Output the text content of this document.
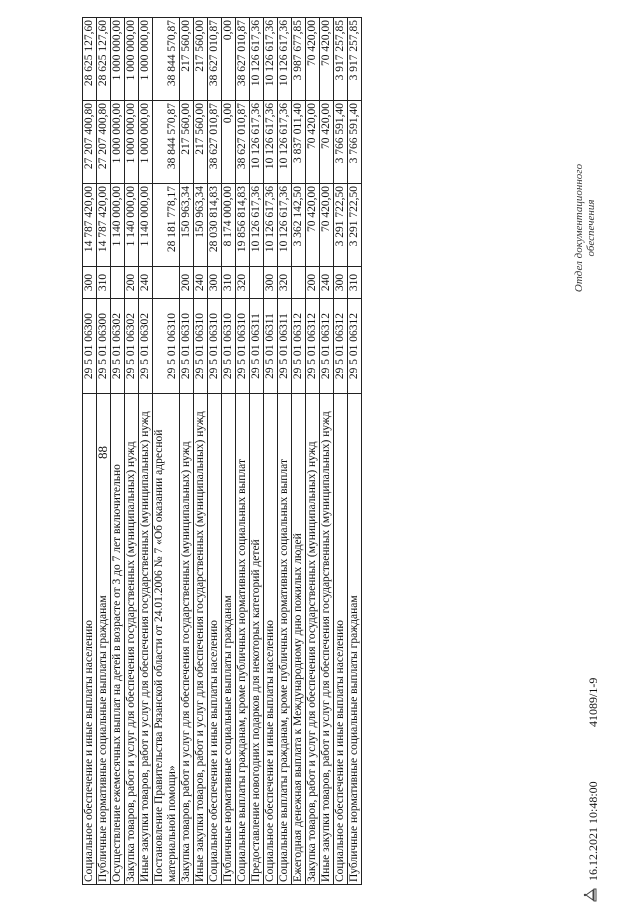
88
Социальное обеспечение и иные выплаты населению	29 5 01 06300	300	14 787 420,00	27 207 400,80	28 625 127,60
Публичные нормативные социальные выплаты гражданам	29 5 01 06300	310	14 787 420,00	27 207 400,80	28 625 127,60
Осуществление ежемесячных выплат на детей в возрасте от 3 до 7 лет включительно	29 5 01 06302		1 140 000,00	1 000 000,00	1 000 000,00
Закупка товаров, работ и услуг для обеспечения государственных (муниципальных) нужд	29 5 01 06302	200	1 140 000,00	1 000 000,00	1 000 000,00
Иные закупки товаров, работ и услуг для обеспечения государственных (муниципальных) нужд	29 5 01 06302	240	1 140 000,00	1 000 000,00	1 000 000,00
Постановление Правительства Рязанской области от 24.01.2006 № 7 «Об оказании адресной материальной помощи»	29 5 01 06310		28 181 778,17	38 844 570,87	38 844 570,87
Закупка товаров, работ и услуг для обеспечения государственных (муниципальных) нужд	29 5 01 06310	200	150 963,34	217 560,00	217 560,00
Иные закупки товаров, работ и услуг для обеспечения государственных (муниципальных) нужд	29 5 01 06310	240	150 963,34	217 560,00	217 560,00
Социальное обеспечение и иные выплаты населению	29 5 01 06310	300	28 030 814,83	38 627 010,87	38 627 010,87
Публичные нормативные социальные выплаты гражданам	29 5 01 06310	310	8 174 000,00	0,00	0,00
Социальные выплаты гражданам, кроме публичных нормативных социальных выплат	29 5 01 06310	320	19 856 814,83	38 627 010,87	38 627 010,87
Предоставление новогодних подарков для некоторых категорий детей	29 5 01 06311		10 126 617,36	10 126 617,36	10 126 617,36
Социальное обеспечение и иные выплаты населению	29 5 01 06311	300	10 126 617,36	10 126 617,36	10 126 617,36
Социальные выплаты гражданам, кроме публичных нормативных социальных выплат	29 5 01 06311	320	10 126 617,36	10 126 617,36	10 126 617,36
Ежегодная денежная выплата к Международному дню пожилых людей	29 5 01 06312		3 362 142,50	3 837 011,40	3 987 677,85
Закупка товаров, работ и услуг для обеспечения государственных (муниципальных) нужд	29 5 01 06312	200	70 420,00	70 420,00	70 420,00
Иные закупки товаров, работ и услуг для обеспечения государственных (муниципальных) нужд	29 5 01 06312	240	70 420,00	70 420,00	70 420,00
Социальное обеспечение и иные выплаты населению	29 5 01 06312	300	3 291 722,50	3 766 591,40	3 917 257,85
Публичные нормативные социальные выплаты гражданам	29 5 01 06312	310	3 291 722,50	3 766 591,40	3 917 257,85
16.12.2021 10:48:00
41089/1-9
Отдел документационного обеспечения
